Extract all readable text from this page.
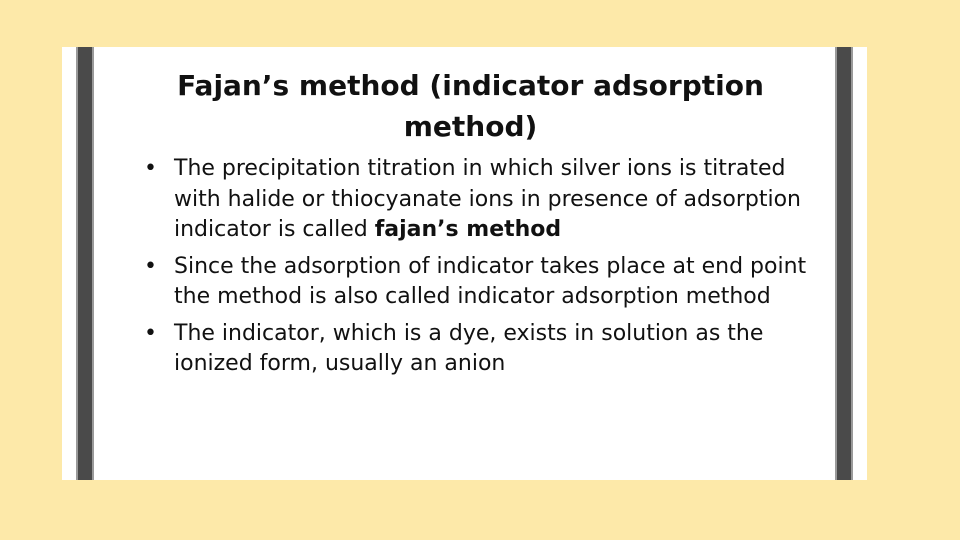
Fajan’s method (indicator adsorption method)
• The precipitation titration in which silver ions is titrated with halide or thiocyanate ions in presence of adsorption indicator is called fajan’s method
• Since the adsorption of indicator takes place at end point the method is also called indicator adsorption method
• The indicator, which is a dye, exists in solution as the ionized form, usually an anion
